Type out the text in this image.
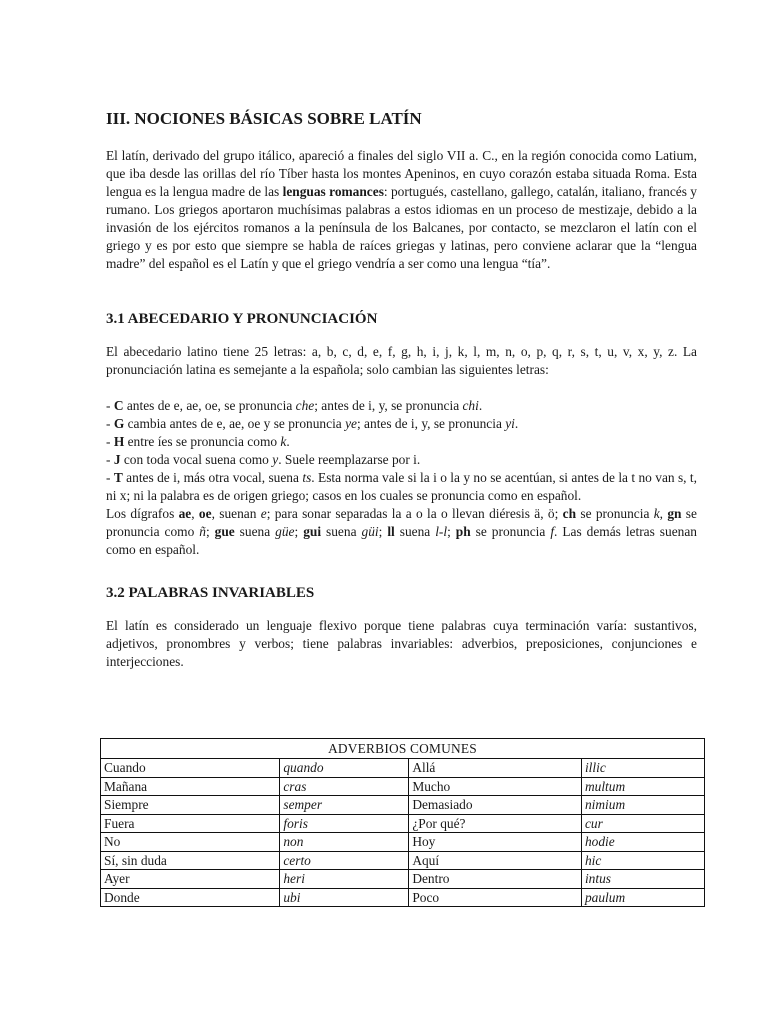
III. NOCIONES BÁSICAS SOBRE LATÍN

El latín, derivado del grupo itálico, apareció a finales del siglo VII a. C., en la región conocida como Latium, que iba desde las orillas del río Tíber hasta los montes Apeninos, en cuyo corazón estaba situada Roma. Esta lengua es la lengua madre de las lenguas romances: portugués, castellano, gallego, catalán, italiano, francés y rumano. Los griegos aportaron muchísimas palabras a estos idiomas en un proceso de mestizaje, debido a la invasión de los ejércitos romanos a la península de los Balcanes, por contacto, se mezclaron el latín con el griego y es por esto que siempre se habla de raíces griegas y latinas, pero conviene aclarar que la “lengua madre” del español es el Latín y que el griego vendría a ser como una lengua “tía”.

3.1 ABECEDARIO Y PRONUNCIACIÓN

El abecedario latino tiene 25 letras: a, b, c, d, e, f, g, h, i, j, k, l, m, n, o, p, q, r, s, t, u, v, x, y, z. La pronunciación latina es semejante a la española; solo cambian las siguientes letras:

- C antes de e, ae, oe, se pronuncia che; antes de i, y, se pronuncia chi.

- G cambia antes de e, ae, oe y se pronuncia ye; antes de i, y, se pronuncia yi.

- H entre íes se pronuncia como k.

- J con toda vocal suena como y. Suele reemplazarse por i.

- T antes de i, más otra vocal, suena ts. Esta norma vale si la i o la y no se acentúan, si antes de la t no van s, t, ni x; ni la palabra es de origen griego; casos en los cuales se pronuncia como en español.

Los dígrafos ae, oe, suenan e; para sonar separadas la a o la o llevan diéresis ä, ö; ch se pronuncia k, gn se pronuncia como ñ; gue suena güe; gui suena güi; ll suena l-l; ph se pronuncia f. Las demás letras suenan como en español.

3.2 PALABRAS INVARIABLES

El latín es considerado un lenguaje flexivo porque tiene palabras cuya terminación varía: sustantivos, adjetivos, pronombres y verbos; tiene palabras invariables: adverbios, preposiciones, conjunciones e interjecciones.

ADVERBIOS COMUNES			
Cuando	quando	Allá	illic
Mañana	cras	Mucho	multum
Siempre	semper	Demasiado	nimium
Fuera	foris	¿Por qué?	cur
No	non	Hoy	hodie
Sí, sin duda	certo	Aquí	hic
Ayer	heri	Dentro	intus
Donde	ubi	Poco	paulum
